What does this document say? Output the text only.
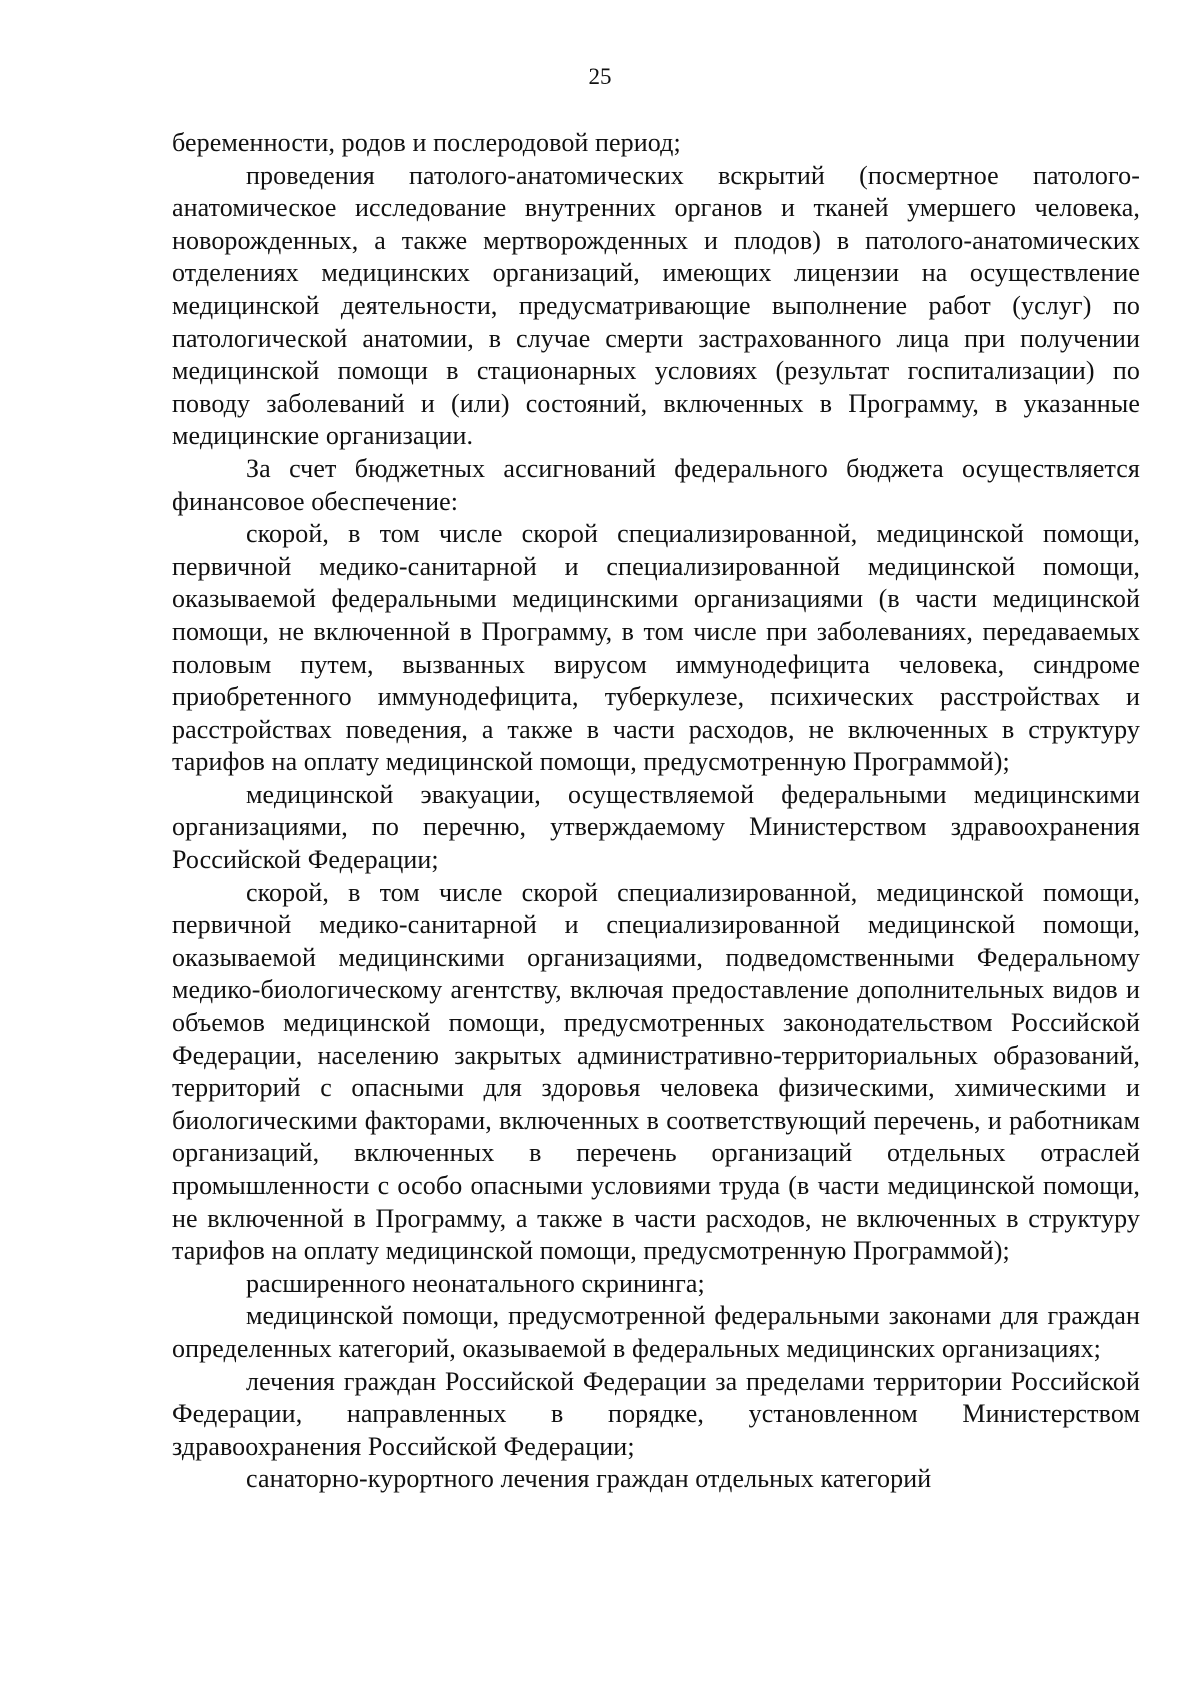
25

беременности, родов и послеродовой период;

проведения патолого-анатомических вскрытий (посмертное патолого-анатомическое исследование внутренних органов и тканей умершего человека, новорожденных, а также мертворожденных и плодов) в патолого-анатомических отделениях медицинских организаций, имеющих лицензии на осуществление медицинской деятельности, предусматривающие выполнение работ (услуг) по патологической анатомии, в случае смерти застрахованного лица при получении медицинской помощи в стационарных условиях (результат госпитализации) по поводу заболеваний и (или) состояний, включенных в Программу, в указанные медицинские организации.

За счет бюджетных ассигнований федерального бюджета осуществляется финансовое обеспечение:

скорой, в том числе скорой специализированной, медицинской помощи, первичной медико-санитарной и специализированной медицинской помощи, оказываемой федеральными медицинскими организациями (в части медицинской помощи, не включенной в Программу, в том числе при заболеваниях, передаваемых половым путем, вызванных вирусом иммунодефицита человека, синдроме приобретенного иммунодефицита, туберкулезе, психических расстройствах и расстройствах поведения, а также в части расходов, не включенных в структуру тарифов на оплату медицинской помощи, предусмотренную Программой);

медицинской эвакуации, осуществляемой федеральными медицинскими организациями, по перечню, утверждаемому Министерством здравоохранения Российской Федерации;

скорой, в том числе скорой специализированной, медицинской помощи, первичной медико-санитарной и специализированной медицинской помощи, оказываемой медицинскими организациями, подведомственными Федеральному медико-биологическому агентству, включая предоставление дополнительных видов и объемов медицинской помощи, предусмотренных законодательством Российской Федерации, населению закрытых административно-территориальных образований, территорий с опасными для здоровья человека физическими, химическими и биологическими факторами, включенных в соответствующий перечень, и работникам организаций, включенных в перечень организаций отдельных отраслей промышленности с особо опасными условиями труда (в части медицинской помощи, не включенной в Программу, а также в части расходов, не включенных в структуру тарифов на оплату медицинской помощи, предусмотренную Программой);

расширенного неонатального скрининга;

медицинской помощи, предусмотренной федеральными законами для граждан определенных категорий, оказываемой в федеральных медицинских организациях;

лечения граждан Российской Федерации за пределами территории Российской Федерации, направленных в порядке, установленном Министерством здравоохранения Российской Федерации;

санаторно-курортного лечения граждан отдельных категорий
